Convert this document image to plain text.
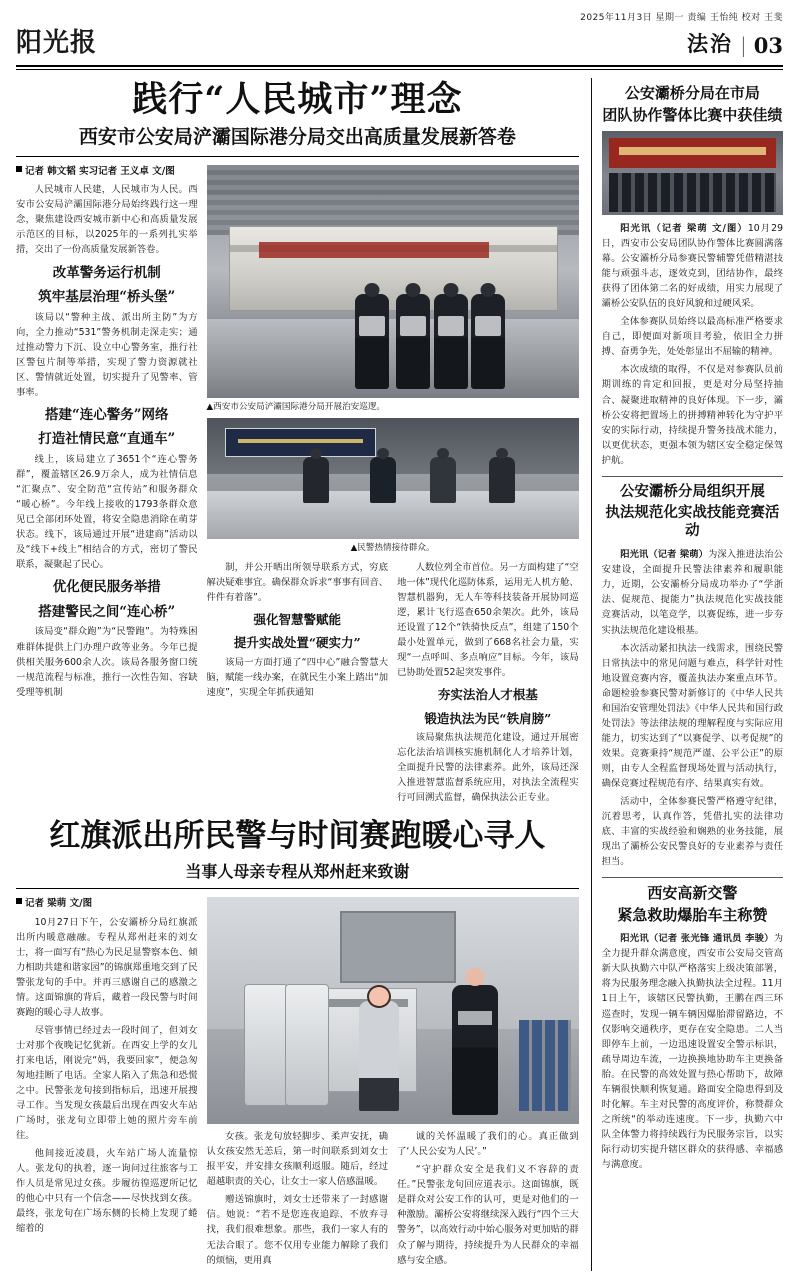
阳光报
2025年11月3日 星期一 责编 王怡纯 校对 王斐
法治 | 03
践行“人民城市”理念
西安市公安局浐灞国际港分局交出高质量发展新答卷
记者 韩文韬 实习记者 王义卓 文/图

人民城市人民建，人民城市为人民。西安市公安局浐灞国际港分局始终践行这一理念，聚焦建设西安城市新中心和高质量发展示范区的目标，以2025年的一系列扎实举措，交出了一份高质量发展新答卷。

改革警务运行机制
筑牢基层治理“桥头堡”

该局以“警种主战、派出所主防”为方向，全力推动“531”警务机制走深走实；通过推动警力下沉、设立中心警务室，推行社区警包片制等举措，实现了警力资源就社区、警情就近处置，切实提升了见警率、管事率。

搭建“连心警务”网络
打造社情民意“直通车”

线上，该局建立了3651个“连心警务群”，覆盖辖区26.9万余人，成为社情信息“汇聚点”、安全防范“宣传站”和服务群众“暖心桥”。今年线上接收的1793条群众意见已全部闭环处置，将安全隐患消除在萌芽状态。线下，该局通过开展“进建商”活动以及“线下+线上”相结合的方式，密切了警民联系，凝聚起了民心。

优化便民服务举措
搭建警民之间“连心桥”

该局变“群众跑”为“民警跑”。为特殊困难群体提供上门办理户政等业务。今年已提供相关服务600余人次。该局各服务窗口统一规范流程与标准，推行一次性告知、容缺受理等机制

▲西安市公安局浐灞国际港分局开展治安巡逻。
▲民警热情接待群众。

制，并公开晒出所领导联系方式，穷底解决疑难事宜。确保群众诉求“事事有回音、件件有着落”。

强化智慧警赋能
提升实战处置“硬实力”

该局一方面打通了“四中心”融合警慧大脑，赋能一线办案，在就民生小案上踏出“加速度”，实现全年抓获通知

人数位列全市首位。另一方面构建了“空地一体”现代化巡防体系，运用无人机方舱、智慧机器狗，无人车等科技装备开展协同巡逻，累计飞行巡查650余架次。此外，该局还设置了12个“铁骑快反点”，组建了150个最小处置单元，做到了668名社会力量，实现“一点呼叫、多点响应”目标。今年，该局已协助处置52起突发事件。

夯实法治人才根基
锻造执法为民“铁肩膀”

该局聚焦执法规范化建设，通过开展密忘化法治培训核实施机制化人才培养计划，全面提升民警的法律素养。此外，该局还深入推进智慧监督系统应用，对执法全流程实行可回溯式监督，确保执法公正专业。

红旗派出所民警与时间赛跑暖心寻人
当事人母亲专程从郑州赶来致谢
记者 梁萌 文/图

10月27日下午，公安灞桥分局红旗派出所内暖意融融。专程从郑州赶来的刘女士，将一面写有“热心为民足显警察本色、倾力相助共建和谐家园”的锦旗郑重地交到了民警张龙旬的手中。并再三感谢自己的感激之情。这面锦旗的背后，藏着一段民警与时间赛跑的暖心寻人故事。

尽管事情已经过去一段时间了，但刘女士对那个夜晚记忆犹新。在西安上学的女儿打来电话，刚说完“妈，我要回家”，便急匆匆地挂断了电话。全家人陷入了焦急和恐慌之中。民警张龙旬接到指标后，迅速开展搜寻工作。当发现女孩最后出现在西安火车站广场时，张龙旬立即带上她的照片旁车前往。

他间接近凌晨，火车站广场人流量惊人。张龙旬的执着，逐一询问过往旅客与工作人员是常见过女孩。步履彷徨巡逻所记忆的他心中只有一个信念——尽快找到女孩。最终，张龙旬在广场东侧的长椅上发现了蜷缩着的

女孩。张龙旬放轻脚步、柔声安抚，确认女孩安然无恙后，第一时间联系到刘女士报平安，并安排女孩顺利返服。随后，经过超越职责的关心，让女士一家人倍感温暖。

赠送锦旗时，刘女士还带来了一封感谢信。她说：“若不是您连夜追踪、不放弃寻找，我们很难想象。那些，我们一家人有的无法合眼了。您不仅用专业能力解除了我们的烦恼，更用真

诚的关怀温暖了我们的心。真正做到了‘人民公安为人民’。”

“守护群众安全是我们义不容辞的责任。”民警张龙旬回应道表示。这面锦旗，既是群众对公安工作的认可，更是对他们的一种激励。灞桥公安将继续深入践行“四个三大警务”，以高效行动中始心服务对更加贴的群众了解与期待，持续提升为人民群众的幸福感与安全感。

公安灞桥分局在市局
团队协作警体比赛中获佳绩

阳光讯（记者 梁萌 文/图）10月29日，西安市公安局团队协作警体比赛圆满落幕。公安灞桥分局参赛民警辅警凭借精湛技能与顽强斗志，逐效克到，团结协作，最终获得了团体第二名的好成绩，用实力展现了灞桥公安队伍的良好风貌和过硬风采。

全体参赛队员始终以最高标准严格要求自己，即便面对新项目考验，依旧全力拼搏、奋勇争先，处处彰显出不屈输的精神。

本次成绩的取得，不仅是对参赛队员前期训练的肯定和回报，更是对分局坚持抽合、凝聚进取精神的良好体现。下一步，灞桥公安将把置场上的拼搏精神转化为守护平安的实际行动，持续提升警务技战术能力，以更优状态，更强本领为辖区安全稳定保驾护航。

公安灞桥分局组织开展
执法规范化实战技能竞赛活动

阳光讯（记者 梁萌）为深入推进法治公安建设，全面提升民警法律素养和履职能力，近期，公安灞桥分局成功举办了“学浙法、促规范、提能力”执法规范化实战技能竞赛活动，以笔竞学，以赛促练，进一步夯实执法规范化建设根基。

本次活动紧扣执法一线需求，围绕民警日常执法中的常见问题与难点，科学针对性地设置竞赛内容，覆盖执法办案重点环节。命题检验参赛民警对新修订的《中华人民共和国治安管理处罚法》《中华人民共和国行政处罚法》等法律法规的理解程度与实际应用能力，切实达到了“以赛促学、以考促规”的效果。竞赛秉持“规范严谨、公平公正”的原则，由专人全程监督现场处置与活动执行，确保竞赛过程规范有序、结果真实有效。

活动中，全体参赛民警严格遵守纪律，沉着思考，认真作答，凭借扎实的法律功底、丰富的实战经验和娴熟的业务技能，展现出了灞桥公安民警良好的专业素养与责任担当。

西安高新交警
紧急救助爆胎车主称赞

阳光讯（记者 张光锋 通讯员 李骏）为全力提升群众满意度，西安市公安局交管高新大队执勤六中队严格落实上级决策部署，将为民服务理念融入执勤执法全过程。11月1日上午，该辖区民警执勤，王鹏在西三环巡查时，发现一辆车辆因爆胎滞留路边，不仅影响交通秩序，更存在安全隐患。二人当即停车上前，一边迅速设置安全警示标识，疏导周边车流，一边换换地协助车主更换备胎。在民警的高效处置与热心帮助下，故障车辆很快顺利恢复通。路面安全隐患得到及时化解。车主对民警的高度评价，称赞群众之所统“的举动连速度。下一步，执勤六中队全体警力将持续践行为民服务宗旨，以实际行动切实提升辖区群众的获得感、幸福感与满意度。
